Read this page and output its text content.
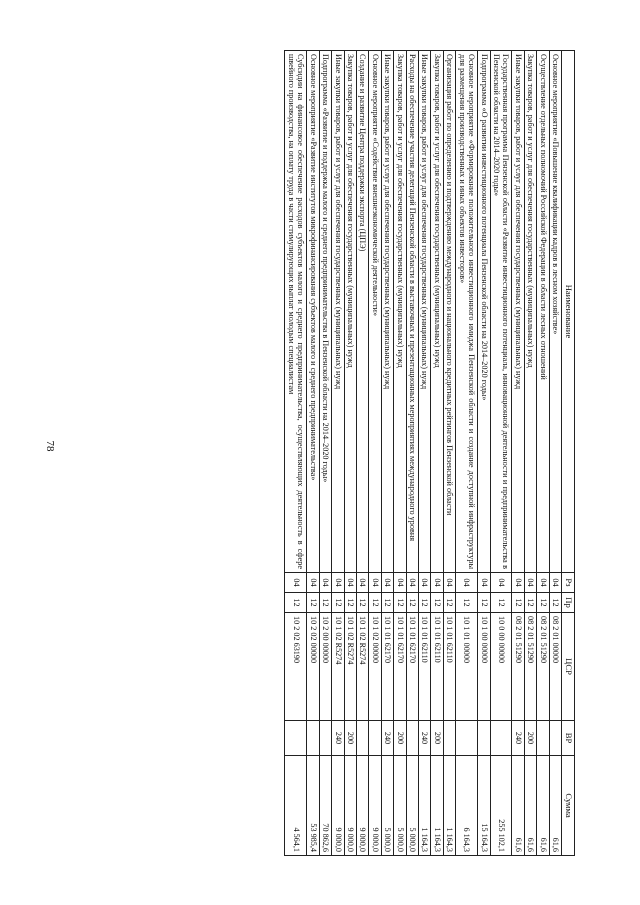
78
Наименование	Рз	Пр	ЦСР	ВР	Сумма
Основное мероприятие «Повышение квалификации кадров в лесном хозяйстве»	04	12	08 2 01 00000		61,6
Осуществление отдельных полномочий Российской Федерации в области лесных отношений	04	12	08 2 01 51290		61,6
Закупка товаров, работ и услуг для обеспечения государственных (муниципальных) нужд	04	12	08 2 01 51290	200	61,6
Иные закупки товаров, работ и услуг для обеспечения государственных (муниципальных) нужд	04	12	08 2 01 51290	240	61,6
Государственная программа Пензенской области «Развитие инвестиционного потенциала, инновационной деятельности и предпринимательства в Пензенской области на 2014–2020 годы»	04	12	10 0 00 00000		255 102,1
Подпрограмма «О развитии инвестиционного потенциала Пензенской области на 2014–2020 годы»	04	12	10 1 00 00000		15 164,3
Основное мероприятие «Формирование положительного инвестиционного имиджа Пензенской области и создание доступной инфраструктуры для размещения производственных и иных объектов инвесторов»	04	12	10 1 01 00000		6 164,3
Организация работ по определению и подтверждению международного и национального кредитных рейтингов Пензенской области	04	12	10 1 01 62110		1 164,3
Закупка товаров, работ и услуг для обеспечения государственных (муниципальных) нужд	04	12	10 1 01 62110	200	1 164,3
Иные закупки товаров, работ и услуг для обеспечения государственных (муниципальных) нужд	04	12	10 1 01 62110	240	1 164,3
Расходы на обеспечение участия делегаций Пензенской области в выставочных и презентационных мероприятиях международного уровня	04	12	10 1 01 62170		5 000,0
Закупка товаров, работ и услуг для обеспечения государственных (муниципальных) нужд	04	12	10 1 01 62170	200	5 000,0
Иные закупки товаров, работ и услуг для обеспечения государственных (муниципальных) нужд	04	12	10 1 01 62170	240	5 000,0
Основное мероприятие «Содействие внешнеэкономической деятельности»	04	12	10 1 02 00000		9 000,0
Создание и развитие Центра поддержки экспорта (ЦПЭ)	04	12	10 1 02 R5274		9 000,0
Закупка товаров, работ и услуг для обеспечения государственных (муниципальных) нужд	04	12	10 1 02 R5274	200	9 000,0
Иные закупки товаров, работ и услуг для обеспечения государственных (муниципальных) нужд	04	12	10 1 02 R5274	240	9 000,0
Подпрограмма «Развитие и поддержка малого и среднего предпринимательства в Пензенской области на 2014–2020 годы»	04	12	10 2 00 00000		70 862,6
Основное мероприятие «Развитие институтов микрофинансирования субъектов малого и среднего предпринимательства»	04	12	10 2 02 00000		53 985,4
Субсидии на финансовое обеспечение расходов субъектов малого и среднего предпринимательства, осуществляющих деятельность в сфере швейного производства, на оплату труда в части стимулирующих выплат молодым специалистам	04	12	10 2 02 63190		4 564,1
